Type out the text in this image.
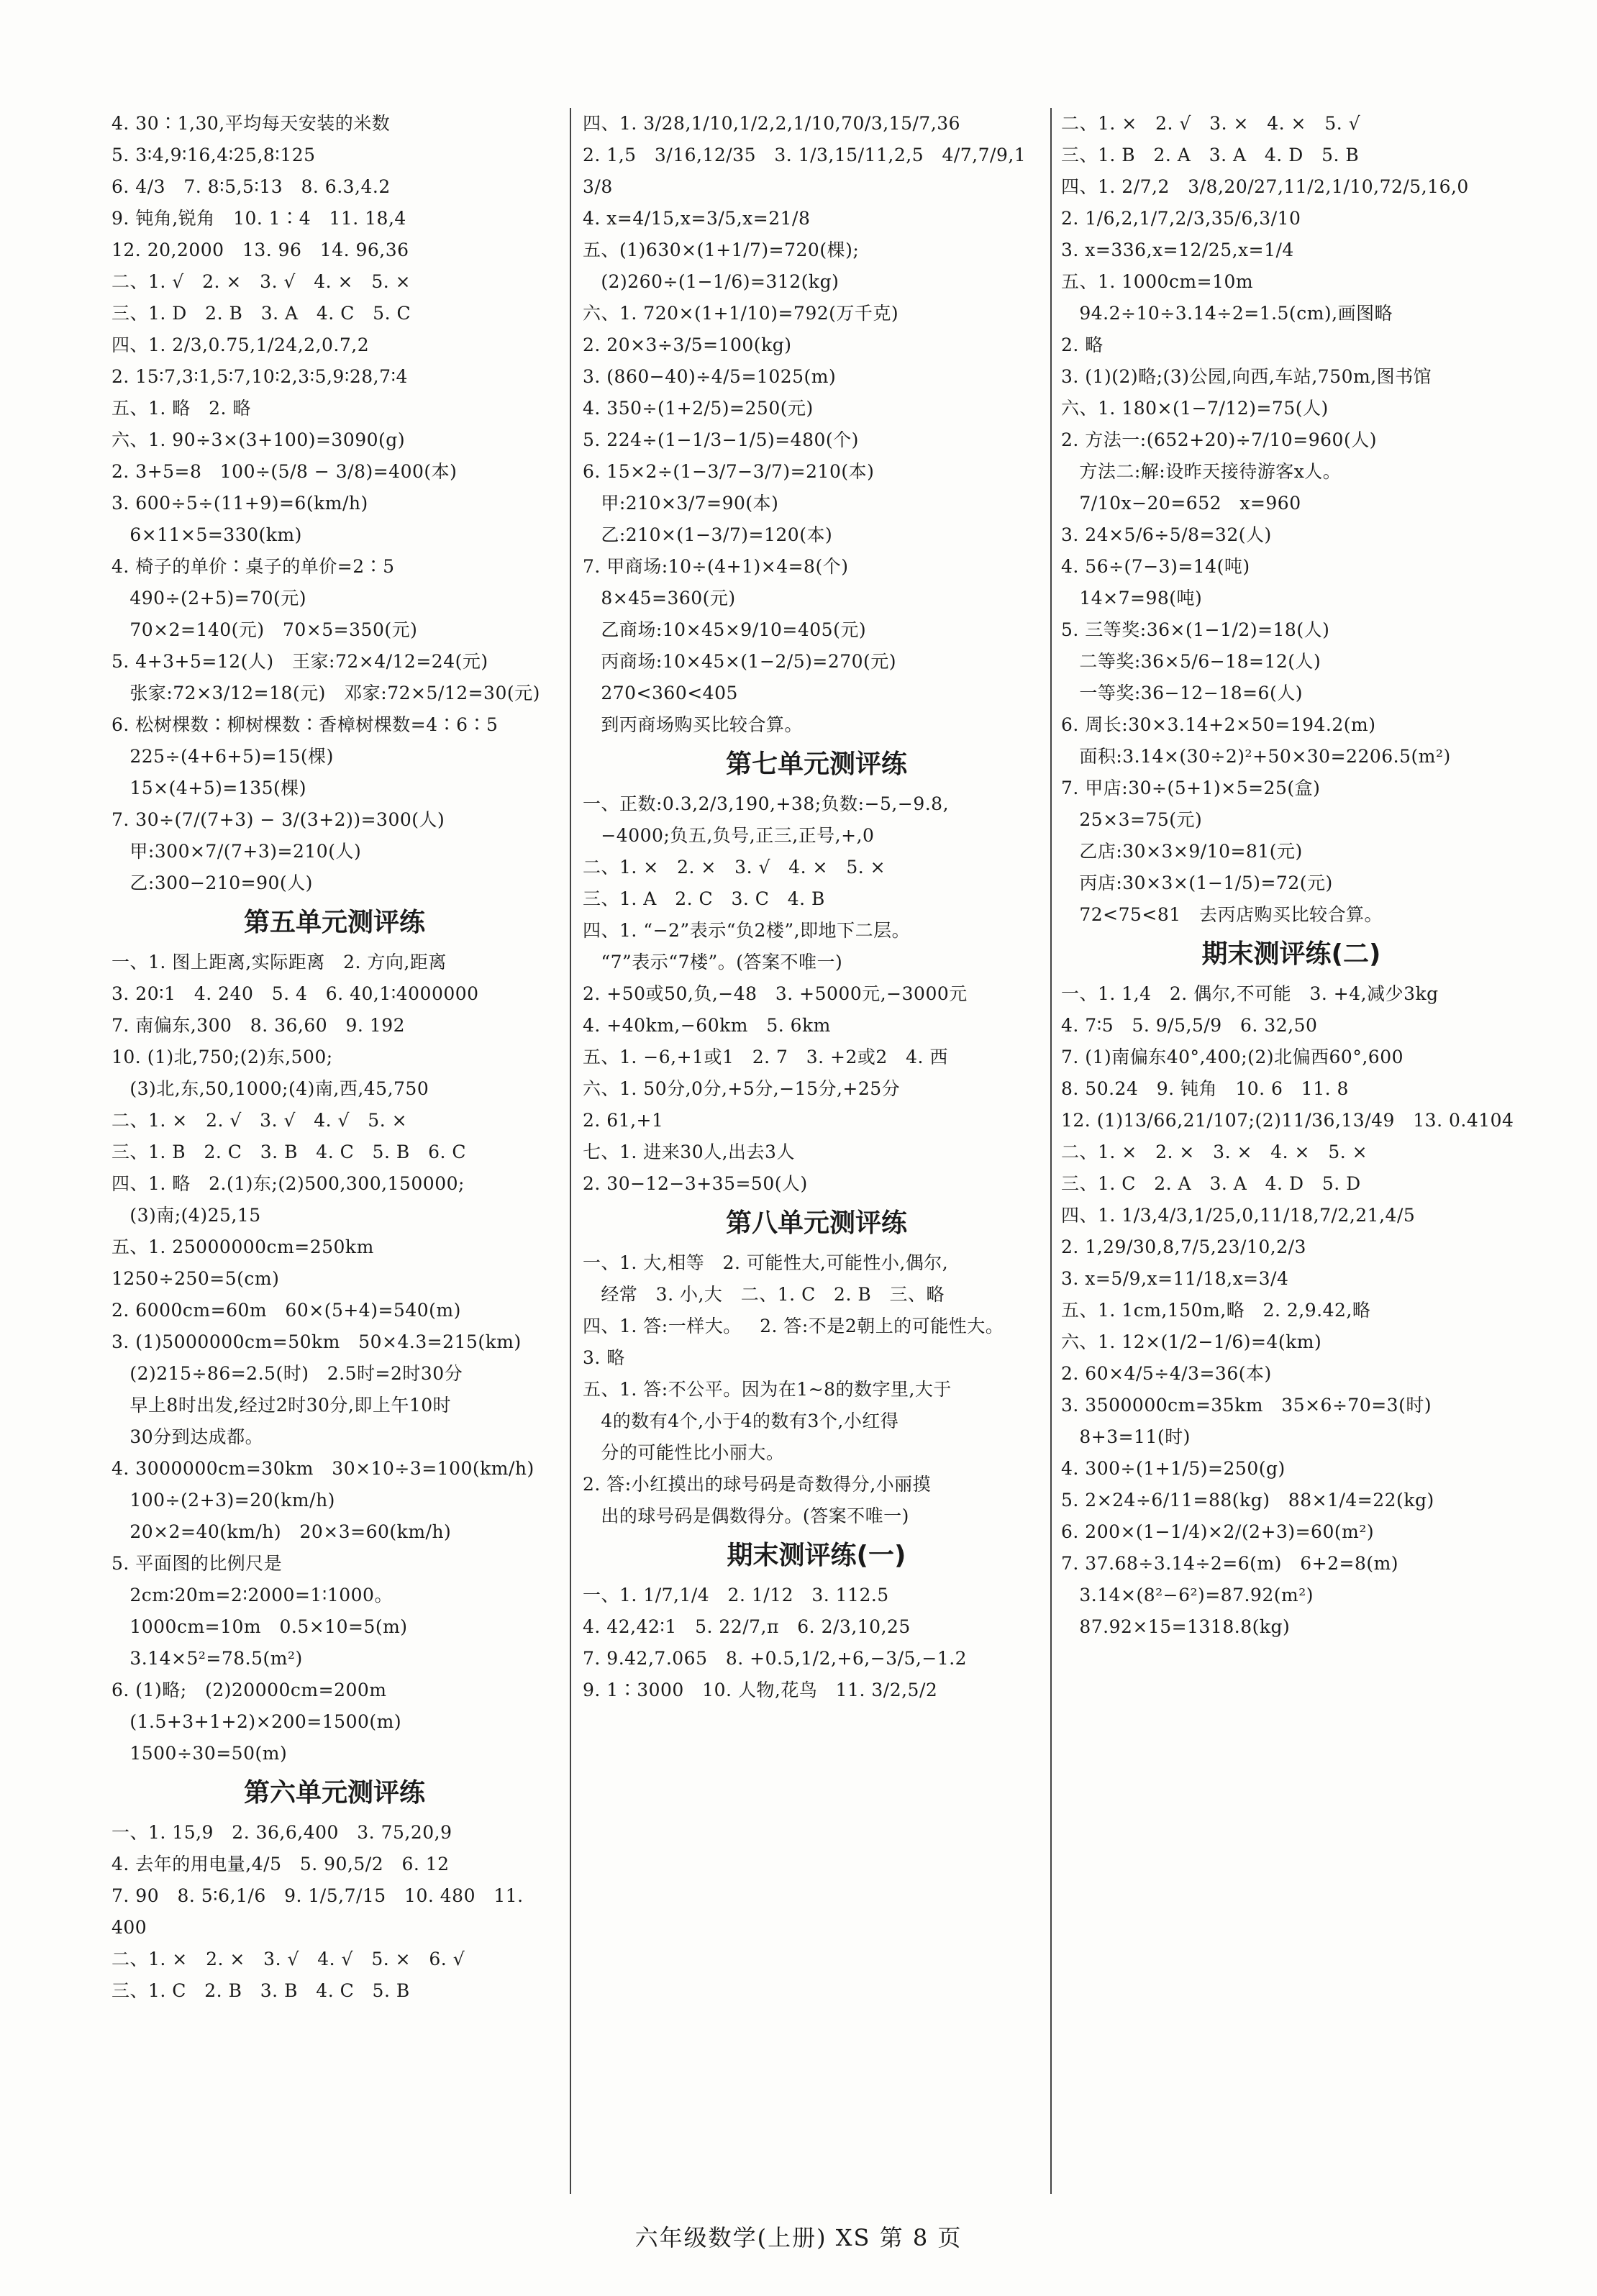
4. 30∶1,30,平均每天安装的米数
5. 3∶4,9∶16,4∶25,8∶125
6. 4/3   7. 8∶5,5∶13   8. 6.3,4.2
9. 钝角,锐角   10. 1∶4   11. 18,4
12. 20,2000   13. 96   14. 96,36
二、1. √   2. ×   3. √   4. ×   5. ×
三、1. D   2. B   3. A   4. C   5. C
四、1. 2/3,0.75,1/24,2,0.7,2
2. 15∶7,3∶1,5∶7,10∶2,3∶5,9∶28,7∶4
五、1. 略   2. 略
六、1. 90÷3×(3+100)=3090(g)
2. 3+5=8   100÷(5/8 − 3/8)=400(本)
3. 600÷5÷(11+9)=6(km/h)
6×11×5=330(km)
4. 椅子的单价∶桌子的单价=2∶5
490÷(2+5)=70(元)
70×2=140(元)   70×5=350(元)
5. 4+3+5=12(人)   王家:72×4/12=24(元)
张家:72×3/12=18(元)   邓家:72×5/12=30(元)
6. 松树棵数∶柳树棵数∶香樟树棵数=4∶6∶5
225÷(4+6+5)=15(棵)
15×(4+5)=135(棵)
7. 30÷(7/(7+3) − 3/(3+2))=300(人)
甲:300×7/(7+3)=210(人)
乙:300−210=90(人)
第五单元测评练
一、1. 图上距离,实际距离   2. 方向,距离
3. 20∶1   4. 240   5. 4   6. 40,1∶4000000
7. 南偏东,300   8. 36,60   9. 192
10. (1)北,750;(2)东,500;
(3)北,东,50,1000;(4)南,西,45,750
二、1. ×   2. √   3. √   4. √   5. ×
三、1. B   2. C   3. B   4. C   5. B   6. C
四、1. 略   2.(1)东;(2)500,300,150000;
(3)南;(4)25,15
五、1. 25000000cm=250km   1250÷250=5(cm)
2. 6000cm=60m   60×(5+4)=540(m)
3. (1)5000000cm=50km   50×4.3=215(km)
(2)215÷86=2.5(时)   2.5时=2时30分
早上8时出发,经过2时30分,即上午10时
30分到达成都。
4. 3000000cm=30km   30×10÷3=100(km/h)
100÷(2+3)=20(km/h)
20×2=40(km/h)   20×3=60(km/h)
5. 平面图的比例尺是
2cm∶20m=2∶2000=1∶1000。
1000cm=10m   0.5×10=5(m)
3.14×5²=78.5(m²)
6. (1)略;   (2)20000cm=200m
(1.5+3+1+2)×200=1500(m)
1500÷30=50(m)
第六单元测评练
一、1. 15,9   2. 36,6,400   3. 75,20,9
4. 去年的用电量,4/5   5. 90,5/2   6. 12
7. 90   8. 5∶6,1/6   9. 1/5,7/15   10. 480   11. 400
二、1. ×   2. ×   3. √   4. √   5. ×   6. √
三、1. C   2. B   3. B   4. C   5. B
四、1. 3/28,1/10,1/2,2,1/10,70/3,15/7,36
2. 1,5   3/16,12/35   3. 1/3,15/11,2,5   4/7,7/9,1   3/8
4. x=4/15,x=3/5,x=21/8
五、(1)630×(1+1/7)=720(棵);
(2)260÷(1−1/6)=312(kg)
六、1. 720×(1+1/10)=792(万千克)
2. 20×3÷3/5=100(kg)
3. (860−40)÷4/5=1025(m)
4. 350÷(1+2/5)=250(元)
5. 224÷(1−1/3−1/5)=480(个)
6. 15×2÷(1−3/7−3/7)=210(本)
甲:210×3/7=90(本)
乙:210×(1−3/7)=120(本)
7. 甲商场:10÷(4+1)×4=8(个)
8×45=360(元)
乙商场:10×45×9/10=405(元)
丙商场:10×45×(1−2/5)=270(元)
270<360<405
到丙商场购买比较合算。
第七单元测评练
一、正数:0.3,2/3,190,+38;负数:−5,−9.8,
−4000;负五,负号,正三,正号,+,0
二、1. ×   2. ×   3. √   4. ×   5. ×
三、1. A   2. C   3. C   4. B
四、1. “−2”表示“负2楼”,即地下二层。
“7”表示“7楼”。(答案不唯一)
2. +50或50,负,−48   3. +5000元,−3000元
4. +40km,−60km   5. 6km
五、1. −6,+1或1   2. 7   3. +2或2   4. 西
六、1. 50分,0分,+5分,−15分,+25分
2. 61,+1
七、1. 进来30人,出去3人
2. 30−12−3+35=50(人)
第八单元测评练
一、1. 大,相等   2. 可能性大,可能性小,偶尔,
经常   3. 小,大   二、1. C   2. B   三、略
四、1. 答:一样大。   2. 答:不是2朝上的可能性大。
3. 略
五、1. 答:不公平。因为在1~8的数字里,大于
4的数有4个,小于4的数有3个,小红得
分的可能性比小丽大。
2. 答:小红摸出的球号码是奇数得分,小丽摸
出的球号码是偶数得分。(答案不唯一)
期末测评练(一)
一、1. 1/7,1/4   2. 1/12   3. 112.5
4. 42,42∶1   5. 22/7,π   6. 2/3,10,25
7. 9.42,7.065   8. +0.5,1/2,+6,−3/5,−1.2
9. 1∶3000   10. 人物,花鸟   11. 3/2,5/2
二、1. ×   2. √   3. ×   4. ×   5. √
三、1. B   2. A   3. A   4. D   5. B
四、1. 2/7,2   3/8,20/27,11/2,1/10,72/5,16,0
2. 1/6,2,1/7,2/3,35/6,3/10
3. x=336,x=12/25,x=1/4
五、1. 1000cm=10m
94.2÷10÷3.14÷2=1.5(cm),画图略
2. 略
3. (1)(2)略;(3)公园,向西,车站,750m,图书馆
六、1. 180×(1−7/12)=75(人)
2. 方法一:(652+20)÷7/10=960(人)
方法二:解:设昨天接待游客x人。
7/10x−20=652   x=960
3. 24×5/6÷5/8=32(人)
4. 56÷(7−3)=14(吨)
14×7=98(吨)
5. 三等奖:36×(1−1/2)=18(人)
二等奖:36×5/6−18=12(人)
一等奖:36−12−18=6(人)
6. 周长:30×3.14+2×50=194.2(m)
面积:3.14×(30÷2)²+50×30=2206.5(m²)
7. 甲店:30÷(5+1)×5=25(盒)
25×3=75(元)
乙店:30×3×9/10=81(元)
丙店:30×3×(1−1/5)=72(元)
72<75<81   去丙店购买比较合算。
期末测评练(二)
一、1. 1,4   2. 偶尔,不可能   3. +4,减少3kg
4. 7∶5   5. 9/5,5/9   6. 32,50
7. (1)南偏东40°,400;(2)北偏西60°,600
8. 50.24   9. 钝角   10. 6   11. 8
12. (1)13/66,21/107;(2)11/36,13/49   13. 0.4104
二、1. ×   2. ×   3. ×   4. ×   5. ×
三、1. C   2. A   3. A   4. D   5. D
四、1. 1/3,4/3,1/25,0,11/18,7/2,21,4/5
2. 1,29/30,8,7/5,23/10,2/3
3. x=5/9,x=11/18,x=3/4
五、1. 1cm,150m,略   2. 2,9.42,略
六、1. 12×(1/2−1/6)=4(km)
2. 60×4/5÷4/3=36(本)
3. 3500000cm=35km   35×6÷70=3(时)
8+3=11(时)
4. 300÷(1+1/5)=250(g)
5. 2×24÷6/11=88(kg)   88×1/4=22(kg)
6. 200×(1−1/4)×2/(2+3)=60(m²)
7. 37.68÷3.14÷2=6(m)   6+2=8(m)
3.14×(8²−6²)=87.92(m²)
87.92×15=1318.8(kg)
六年级数学(上册) XS 第 8 页
